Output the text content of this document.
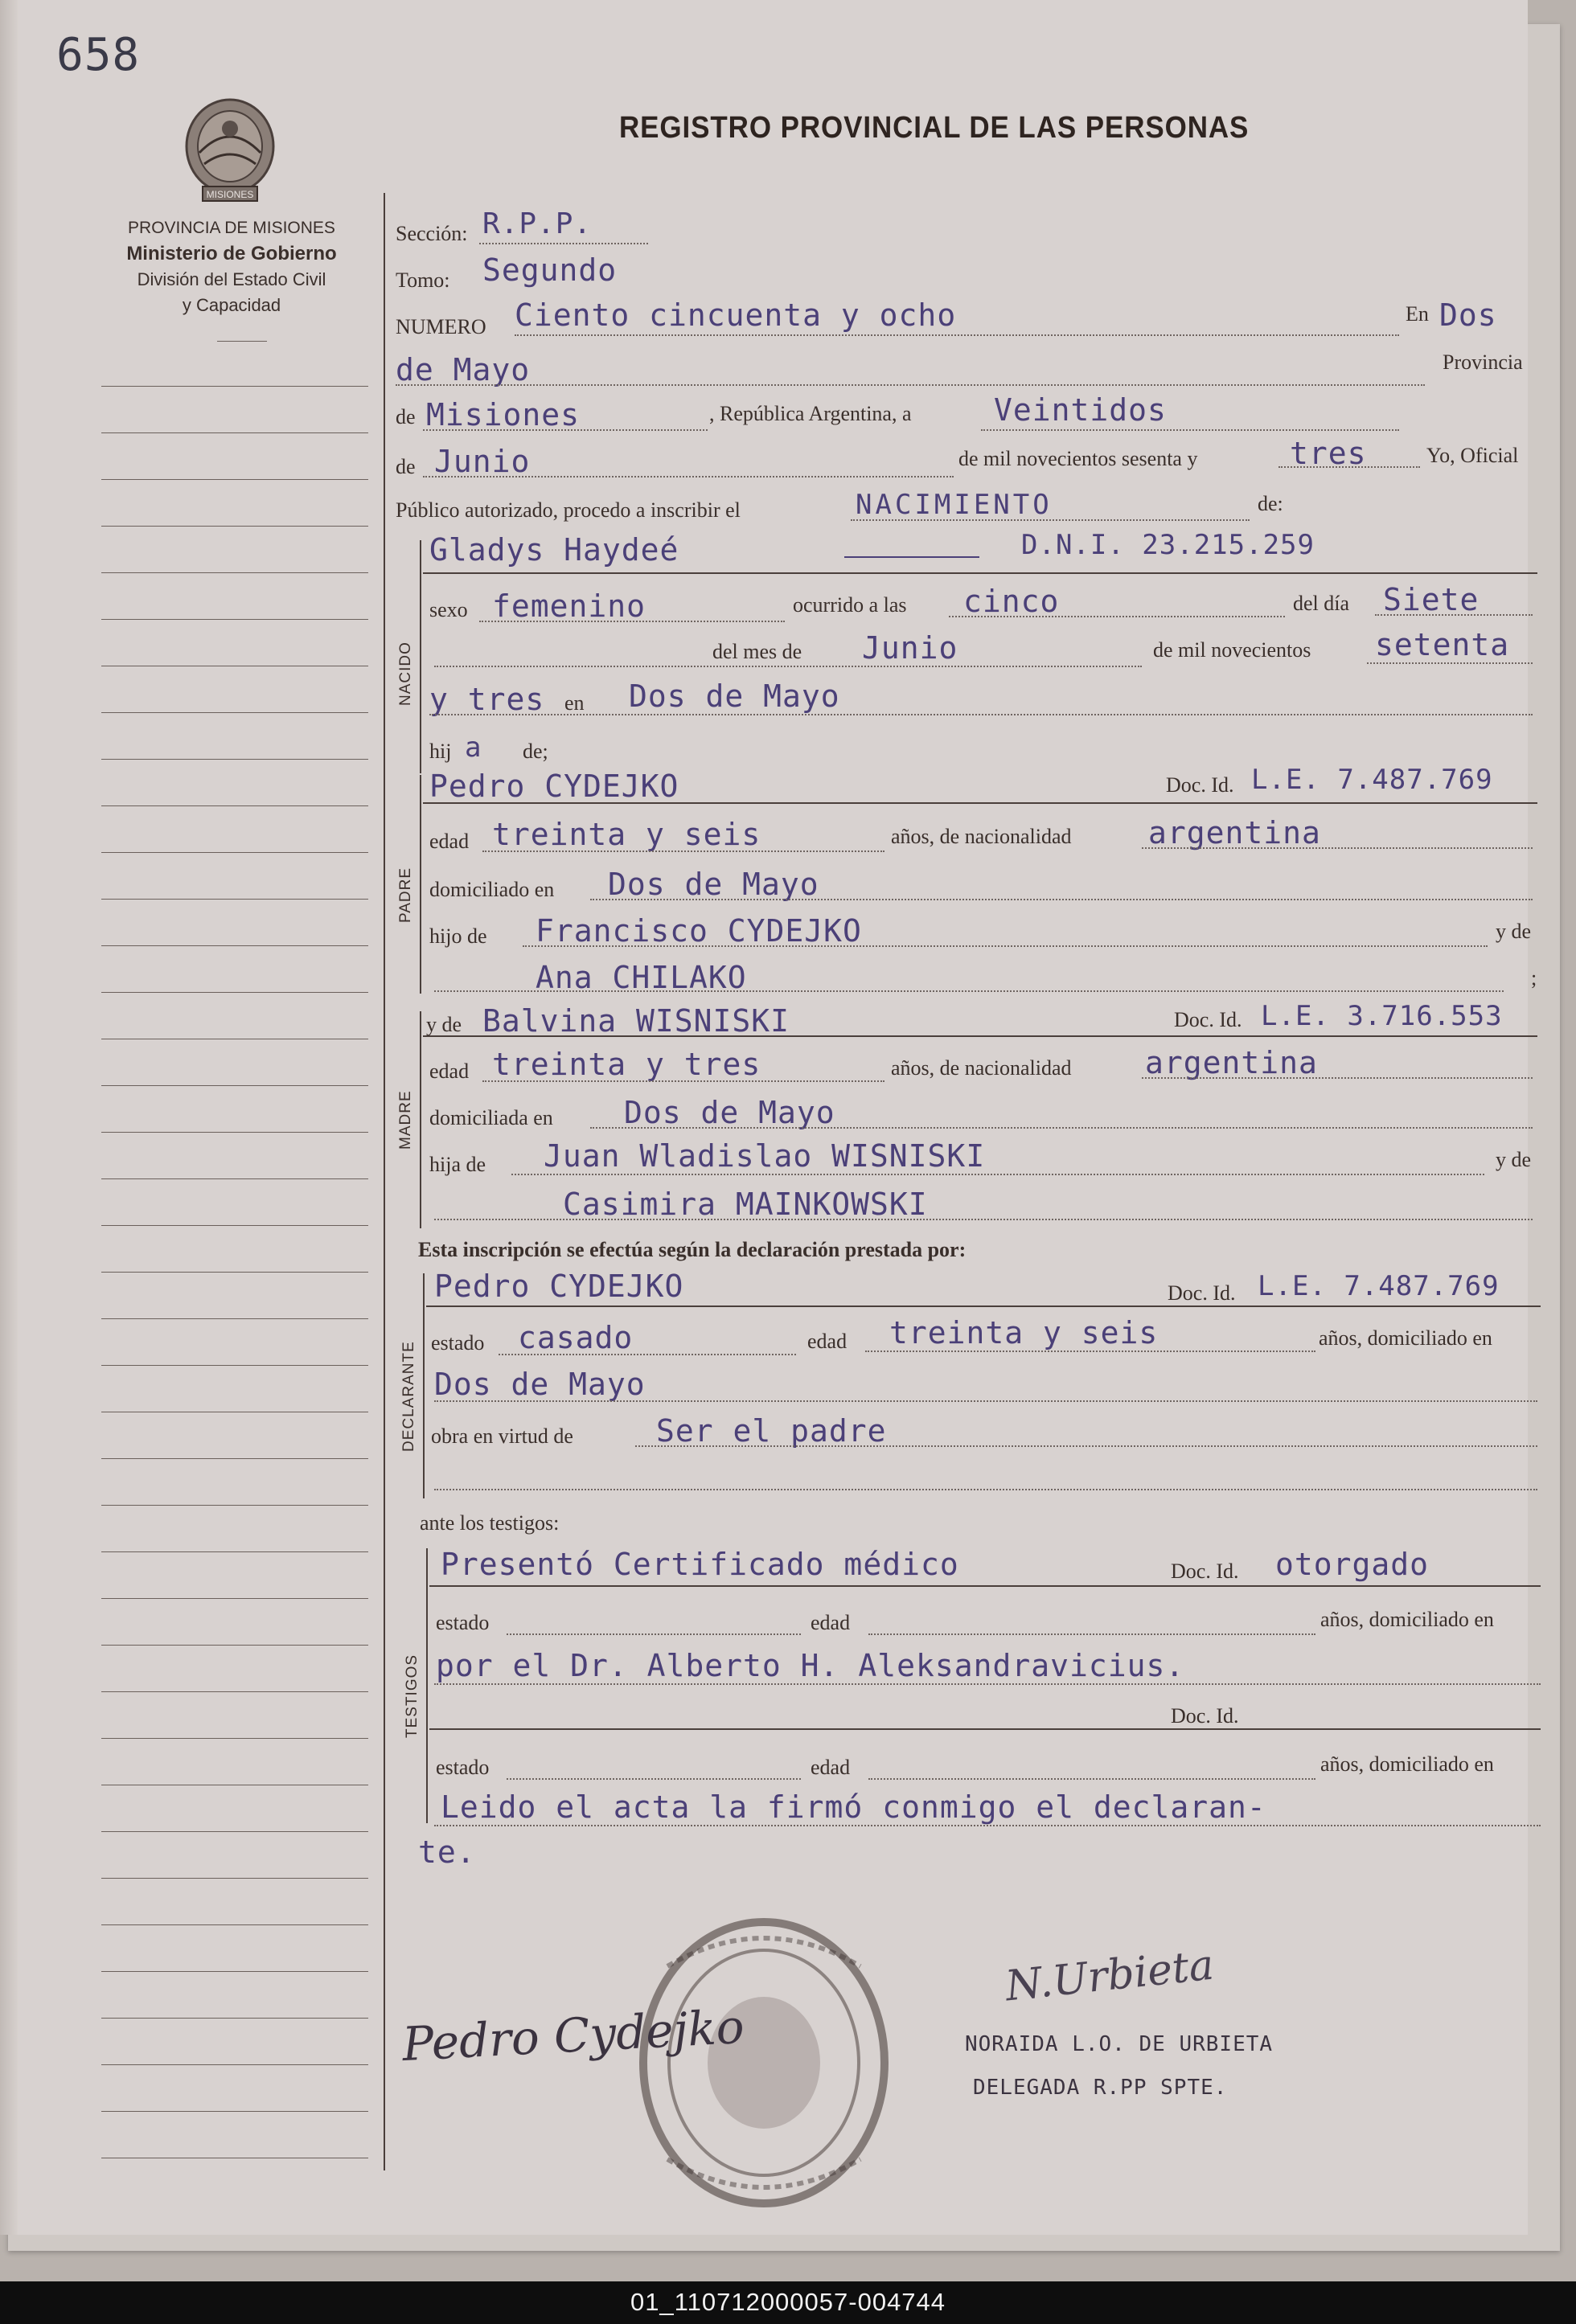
658
MISIONES
PROVINCIA DE MISIONES
Ministerio de Gobierno
División del Estado Civil
y Capacidad
REGISTRO PROVINCIAL DE LAS PERSONAS
Sección: R.P.P.
Tomo: Segundo
NUMERO Ciento cincuenta y ocho	En Dos
de Mayo	Provincia
de Misiones	, República Argentina, a	Veintidos
de Junio	de mil novecientos sesenta y	tres	Yo, Oficial
Público autorizado, procedo a inscribir el	NACIMIENTO	de:
NACIDO
Gladys Haydeé	D.N.I. 23.215.259
sexo femenino	ocurrido a las cinco	del día Siete
del mes de Junio	de mil novecientos setenta
y tres en Dos de Mayo
hij a de;
PADRE
Pedro CYDEJKO	Doc. Id. L.E. 7.487.769
edad treinta y seis	años, de nacionalidad	argentina
domiciliado en Dos de Mayo
hijo de Francisco CYDEJKO	y de
Ana CHILAKO	;
MADRE
y de Balvina WISNISKI	Doc. Id. L.E. 3.716.553
edad treinta y tres	años, de nacionalidad argentina
domiciliada en Dos de Mayo
hija de Juan Wladislao WISNISKI	y de
Casimira MAINKOWSKI
Esta inscripción se efectúa según la declaración prestada por:
DECLARANTE
Pedro CYDEJKO	Doc. Id. L.E. 7.487.769
estado casado	edad treinta y seis	años, domiciliado en
Dos de Mayo
obra en virtud de	Ser el padre
ante los testigos:
TESTIGOS
Presentó Certificado médico	Doc. Id. otorgado
estado	edad	años, domiciliado en
por el Dr. Alberto H. Aleksandravicius.
Doc. Id.
estado	edad	años, domiciliado en
Leido el acta la firmó conmigo el declaran-
te.
Pedro Cydejko
N.Urbieta
NORAIDA L.O. DE URBIETA
DELEGADA R.PP SPTE.
01_110712000057-004744
